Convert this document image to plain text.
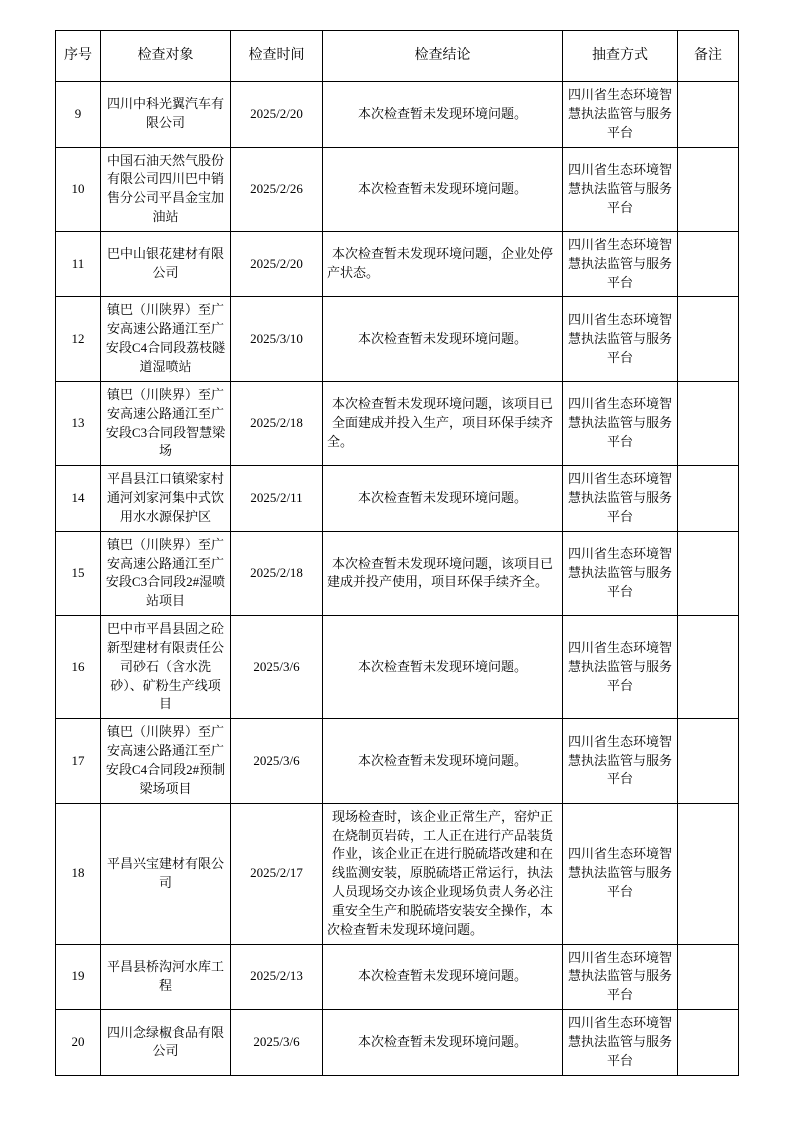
序号	检查对象	检查时间	检查结论	抽查方式	备注
9	四川中科光翼汽车有限公司	2025/2/20	本次检查暂未发现环境问题。	四川省生态环境智慧执法监管与服务平台	
10	中国石油天然气股份有限公司四川巴中销售分公司平昌金宝加油站	2025/2/26	本次检查暂未发现环境问题。	四川省生态环境智慧执法监管与服务平台	
11	巴中山银花建材有限公司	2025/2/20	本次检查暂未发现环境问题，企业处停产状态。	四川省生态环境智慧执法监管与服务平台	
12	镇巴（川陕界）至广安高速公路通江至广安段C4合同段荔枝隧道湿喷站	2025/3/10	本次检查暂未发现环境问题。	四川省生态环境智慧执法监管与服务平台	
13	镇巴（川陕界）至广安高速公路通江至广安段C3合同段智慧梁场	2025/2/18	本次检查暂未发现环境问题，该项目已全面建成并投入生产，项目环保手续齐全。	四川省生态环境智慧执法监管与服务平台	
14	平昌县江口镇梁家村通河刘家河集中式饮用水水源保护区	2025/2/11	本次检查暂未发现环境问题。	四川省生态环境智慧执法监管与服务平台	
15	镇巴（川陕界）至广安高速公路通江至广安段C3合同段2#湿喷站项目	2025/2/18	本次检查暂未发现环境问题，该项目已建成并投产使用，项目环保手续齐全。	四川省生态环境智慧执法监管与服务平台	
16	巴中市平昌县固之砼新型建材有限责任公司砂石（含水洗砂）、矿粉生产线项目	2025/3/6	本次检查暂未发现环境问题。	四川省生态环境智慧执法监管与服务平台	
17	镇巴（川陕界）至广安高速公路通江至广安段C4合同段2#预制梁场项目	2025/3/6	本次检查暂未发现环境问题。	四川省生态环境智慧执法监管与服务平台	
18	平昌兴宝建材有限公司	2025/2/17	现场检查时，该企业正常生产，窑炉正在烧制页岩砖，工人正在进行产品装货作业，该企业正在进行脱硫塔改建和在线监测安装，原脱硫塔正常运行，执法人员现场交办该企业现场负责人务必注重安全生产和脱硫塔安装安全操作，本次检查暂未发现环境问题。	四川省生态环境智慧执法监管与服务平台	
19	平昌县桥沟河水库工程	2025/2/13	本次检查暂未发现环境问题。	四川省生态环境智慧执法监管与服务平台	
20	四川念绿椒食品有限公司	2025/3/6	本次检查暂未发现环境问题。	四川省生态环境智慧执法监管与服务平台	
